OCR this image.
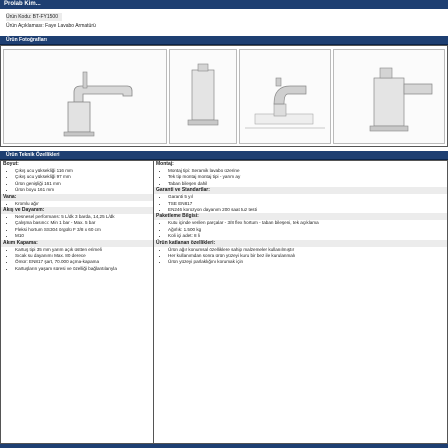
Prolab Kim...
Ürün Kodu: BT-FY1500
Ürün Açıklaması: Faye Lavabo Armatürü
Ürün Fotoğrafları
Ürün Teknik Özellikleri
Boyut:
• Çıkış ucu yüksekliği 116 mm
• Çıkış ucu yüksekliği 97 mm
• Ürün genişliği 161 mm
• Ürün boyu 161 mm
Vana:
• Kromlu ağır
Akış ve Dayanım:
• Nesnesel performans: 5 L/dk 3 barda, 14,25 L/dk
• Çalışma basıncı: Min 1 bar - Max. 5 bar
• Fleksi hortum SS304 örgülü F 3/8 x 60 cm
• M10
Akım Kapama:
• Kartuş tipi 35 mm yarım açık üstten erimeli
• Sıcak su dayanımı Max. 80 derece
• Ömür: EN817 şart, 70.000 açma-kapama
• Kartuşların yaşam süresi ve özelliği bağlantılarıyla
Montaj:
• Montaj tipi: Seramik lavabo üzerine
• Tek tip montaj montaj tipi - yarım ay
• Taban bileşen dahil
Garanti ve Standartlar:
• Garanti 5 yıl
• TSE EN817
• EN246 korozyon dayanım 200 saat tuz testi
Paketleme Bilgisi:
• Kutu içinde verilen parçalar - 3/8 flex hortum - taban bileşeni, tek açıklama
• Ağırlık: 1.500 kg
• Koli içi adet: 8 li
Ürün katlanan özellikleri:
• Ürün ağır konumsal özelliklere sahip malzemeler kullanılmıştır
• Her kullanımdan sonra ürün yüzeyi kuru bir bez ile kurulanmalı
• Ürün yüzeyi parlaklığını korumak için
